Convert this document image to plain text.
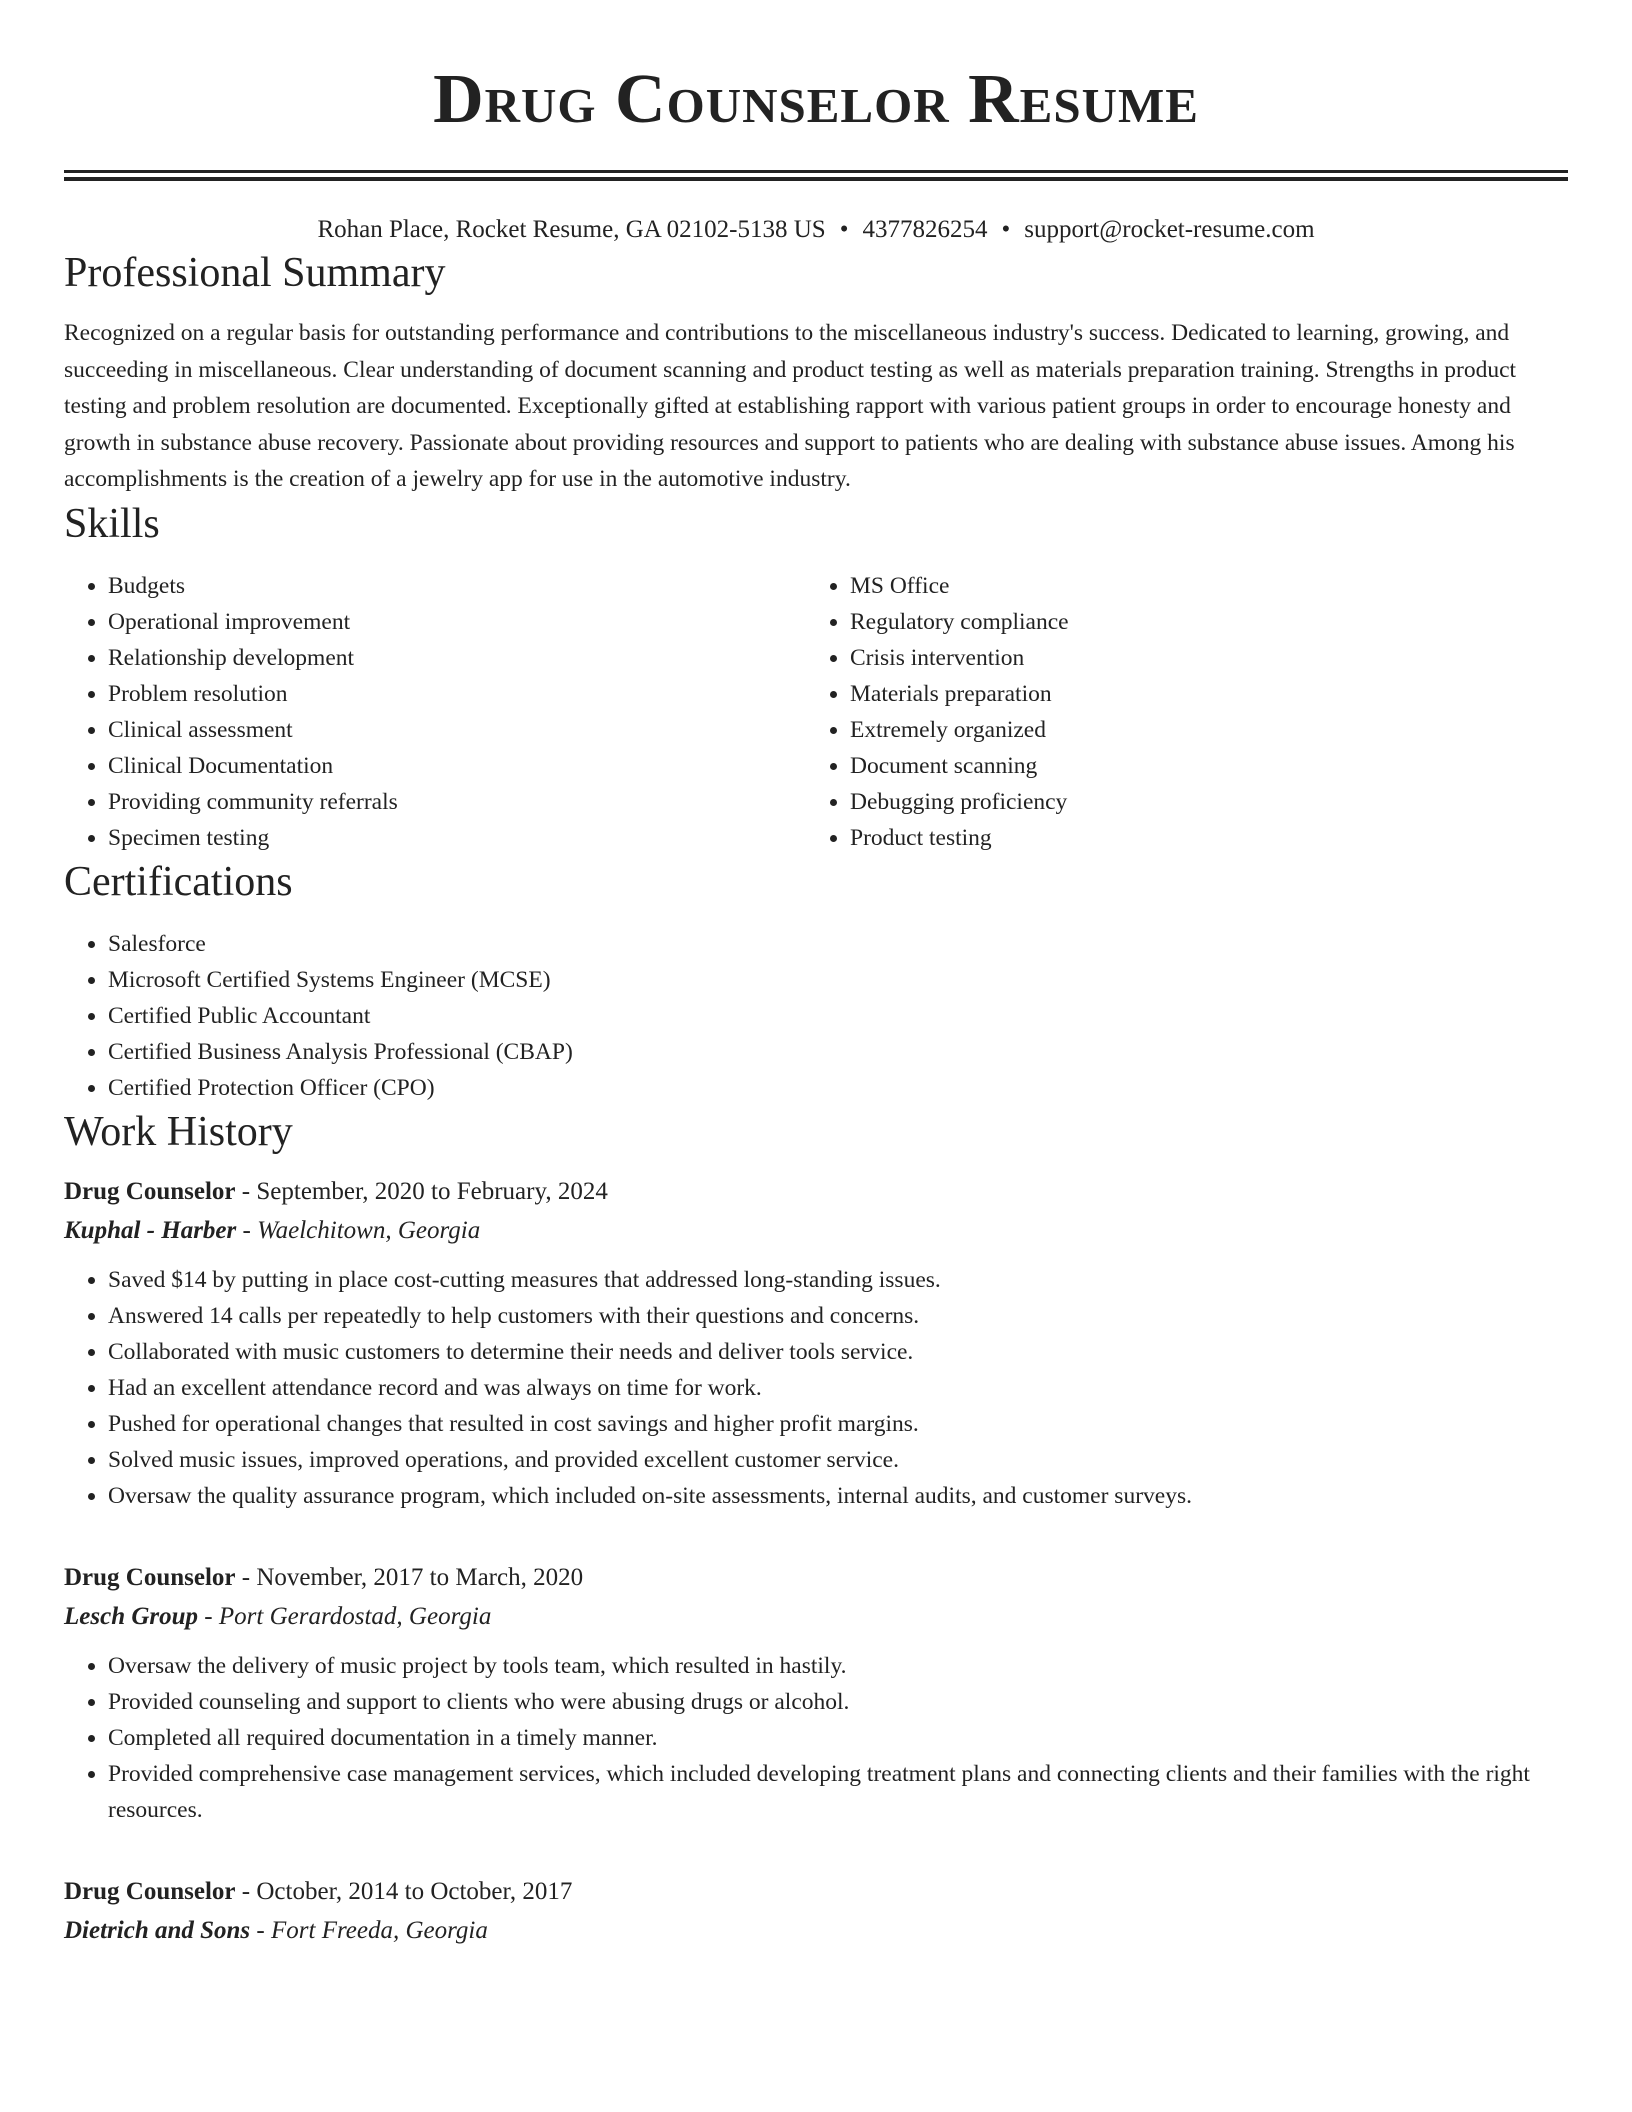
Drug Counselor Resume
Rohan Place, Rocket Resume, GA 02102-5138 US • 4377826254 • support@rocket-resume.com
Professional Summary
Recognized on a regular basis for outstanding performance and contributions to the miscellaneous industry's success. Dedicated to learning, growing, and succeeding in miscellaneous. Clear understanding of document scanning and product testing as well as materials preparation training. Strengths in product testing and problem resolution are documented. Exceptionally gifted at establishing rapport with various patient groups in order to encourage honesty and growth in substance abuse recovery. Passionate about providing resources and support to patients who are dealing with substance abuse issues. Among his accomplishments is the creation of a jewelry app for use in the automotive industry.
Skills
• Budgets
• Operational improvement
• Relationship development
• Problem resolution
• Clinical assessment
• Clinical Documentation
• Providing community referrals
• Specimen testing
• MS Office
• Regulatory compliance
• Crisis intervention
• Materials preparation
• Extremely organized
• Document scanning
• Debugging proficiency
• Product testing
Certifications
• Salesforce
• Microsoft Certified Systems Engineer (MCSE)
• Certified Public Accountant
• Certified Business Analysis Professional (CBAP)
• Certified Protection Officer (CPO)
Work History
Drug Counselor - September, 2020 to February, 2024
Kuphal - Harber - Waelchitown, Georgia
• Saved $14 by putting in place cost-cutting measures that addressed long-standing issues.
• Answered 14 calls per repeatedly to help customers with their questions and concerns.
• Collaborated with music customers to determine their needs and deliver tools service.
• Had an excellent attendance record and was always on time for work.
• Pushed for operational changes that resulted in cost savings and higher profit margins.
• Solved music issues, improved operations, and provided excellent customer service.
• Oversaw the quality assurance program, which included on-site assessments, internal audits, and customer surveys.
Drug Counselor - November, 2017 to March, 2020
Lesch Group - Port Gerardostad, Georgia
• Oversaw the delivery of music project by tools team, which resulted in hastily.
• Provided counseling and support to clients who were abusing drugs or alcohol.
• Completed all required documentation in a timely manner.
• Provided comprehensive case management services, which included developing treatment plans and connecting clients and their families with the right resources.
Drug Counselor - October, 2014 to October, 2017
Dietrich and Sons - Fort Freeda, Georgia
